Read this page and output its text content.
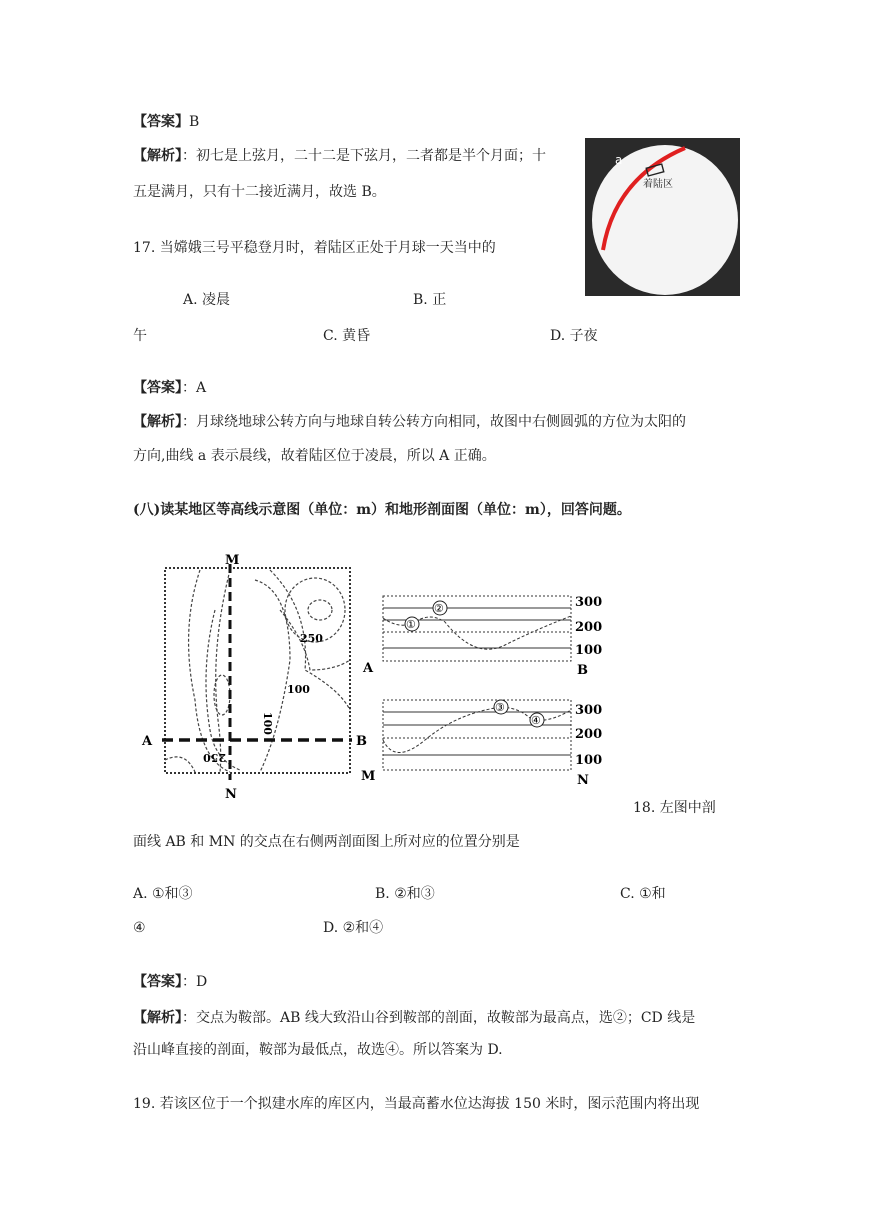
【答案】B
【解析】：初七是上弦月，二十二是下弦月，二者都是半个月面；十
五是满月，只有十二接近满月，故选 B。
a
着陆区
17. 当嫦娥三号平稳登月时，着陆区正处于月球一天当中的
A. 凌晨	B. 正
午	C. 黄昏	D. 子夜
【答案】：A
【解析】：月球绕地球公转方向与地球自转公转方向相同，故图中右侧圆弧的方位为太阳的
方向,曲线 a 表示晨线，故着陆区位于凌晨，所以 A 正确。
(八)读某地区等高线示意图（单位：m）和地形剖面图（单位：m），回答问题。
M
N
A	B
250
100
100
250
①
②	300
200
100
A	B
③
④
300
200
100
M	N
18. 左图中剖
面线 AB 和 MN 的交点在右侧两剖面图上所对应的位置分别是
A. ①和③	B. ②和③	C. ①和
④	D. ②和④
【答案】：D
【解析】：交点为鞍部。AB 线大致沿山谷到鞍部的剖面，故鞍部为最高点，选②；CD 线是
沿山峰直接的剖面，鞍部为最低点，故选④。所以答案为 D.
19. 若该区位于一个拟建水库的库区内，当最高蓄水位达海拔 150 米时，图示范围内将出现
